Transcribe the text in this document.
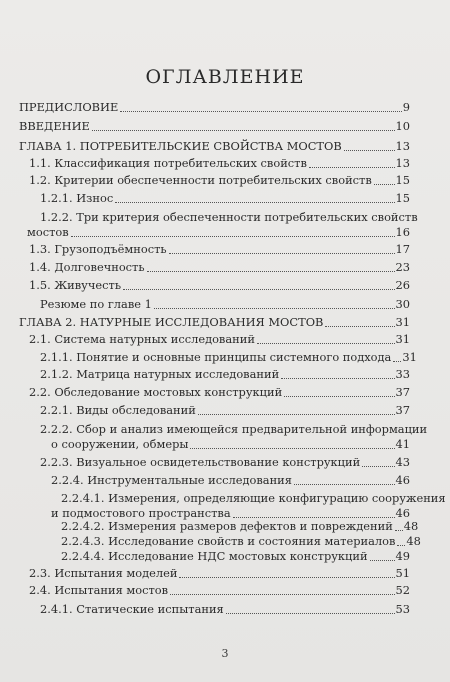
ОГЛАВЛЕНИЕ
ПРЕДИСЛОВИЕ	9
ВВЕДЕНИЕ	10
ГЛАВА 1. ПОТРЕБИТЕЛЬСКИЕ СВОЙСТВА МОСТОВ	13
1.1. Классификация потребительских свойств	13
1.2. Критерии обеспеченности потребительских свойств 15
1.2.1. Износ	15
1.2.2. Три критерия обеспеченности потребительских свойств
мостов	16
1.3. Грузоподъёмность	17
1.4. Долговечность	23
1.5. Живучесть	26
Резюме по главе 1	30
ГЛАВА 2. НАТУРНЫЕ ИССЛЕДОВАНИЯ МОСТОВ	31
2.1. Система натурных исследований	31
2.1.1. Понятие и основные принципы системного подхода 31
2.1.2. Матрица натурных исследований	33
2.2. Обследование мостовых конструкций	37
2.2.1. Виды обследований	37
2.2.2. Сбор и анализ имеющейся предварительной информации
о сооружении, обмеры	41
2.2.3. Визуальное освидетельствование конструкций	43
2.2.4. Инструментальные исследования	46
2.2.4.1. Измерения, определяющие конфигурацию сооружения
и подмостового пространства	46
2.2.4.2. Измерения размеров дефектов и повреждений 48
2.2.4.3. Исследование свойств и состояния материалов 48
2.2.4.4. Исследование НДС мостовых конструкций 49
2.3. Испытания моделей	51
2.4. Испытания мостов	52
2.4.1. Статические испытания	53
3
